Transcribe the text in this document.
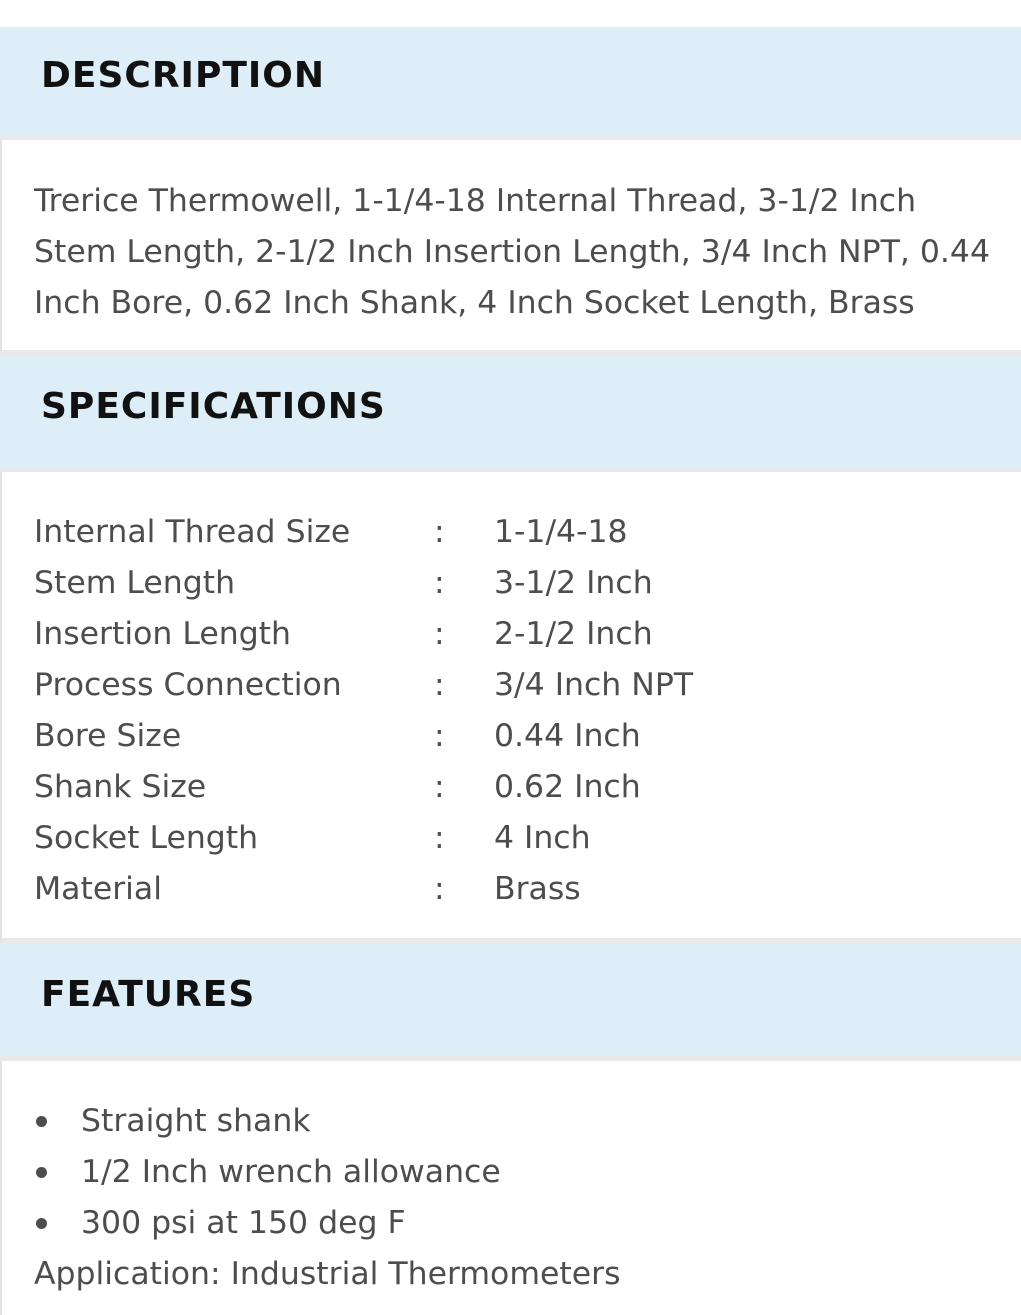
DESCRIPTION

Trerice Thermowell, 1-1/4-18 Internal Thread, 3-1/2 Inch
Stem Length, 2-1/2 Inch Insertion Length, 3/4 Inch NPT, 0.44
Inch Bore, 0.62 Inch Shank, 4 Inch Socket Length, Brass

SPECIFICATIONS
Internal Thread Size	:	1-1/4-18
Stem Length	:	3-1/2 Inch
Insertion Length	:	2-1/2 Inch
Process Connection	:	3/4 Inch NPT
Bore Size	:	0.44 Inch
Shank Size	:	0.62 Inch
Socket Length	:	4 Inch
Material	:	Brass
FEATURES
Straight shank
1/2 Inch wrench allowance
300 psi at 150 deg F
Application: Industrial Thermometers
